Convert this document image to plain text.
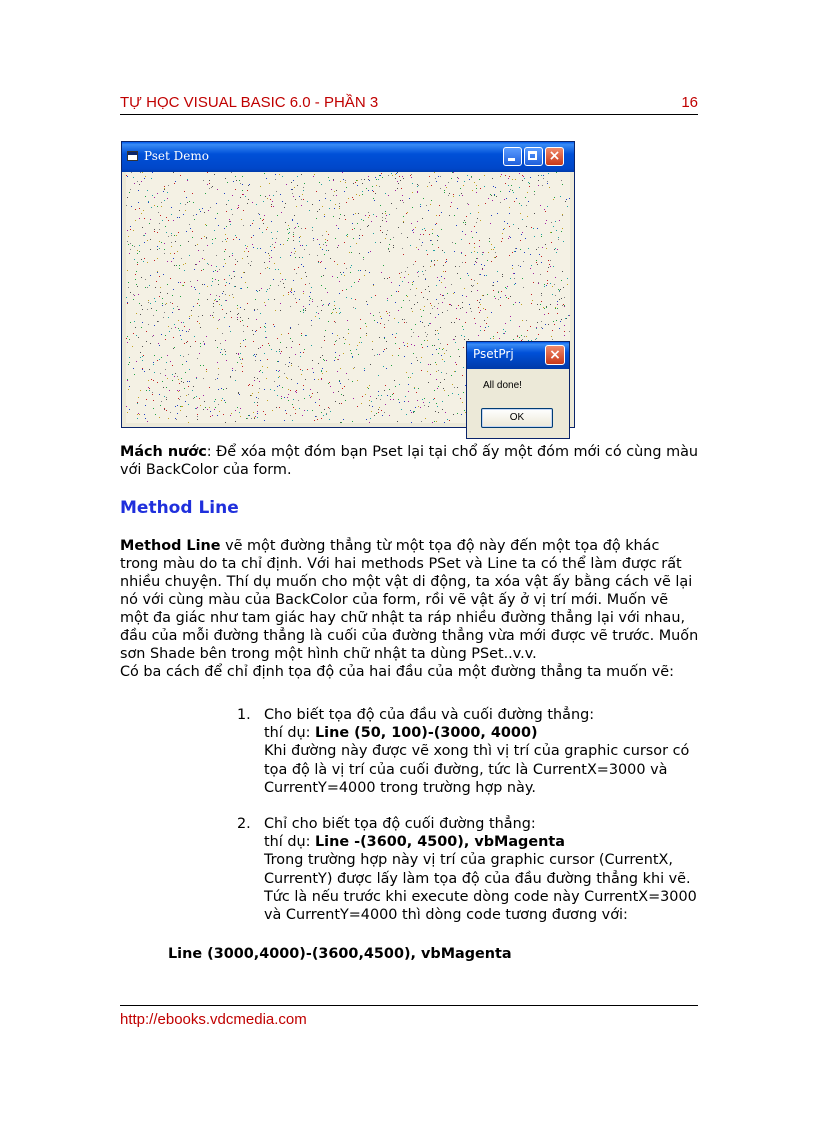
TỰ HỌC VISUAL BASIC 6.0 - PHẦN 3	16
Pset Demo	×
PsetPrj	×
All done!
OK
Mách nước: Để xóa một đóm bạn Pset lại tại chổ ấy một đóm mới có cùng màu với BackColor của form.
Method Line
Method Line vẽ một đường thẳng từ một tọa độ này đến một tọa độ khác trong màu do ta chỉ định. Với hai methods PSet và Line ta có thể làm được rất nhiều chuyện. Thí dụ muốn cho một vật di động, ta xóa vật ấy bằng cách vẽ lại nó với cùng màu của BackColor của form, rồi vẽ vật ấy ở vị trí mới. Muốn vẽ một đa giác như tam giác hay chữ nhật ta ráp nhiều đường thẳng lại với nhau, đầu của mỗi đường thẳng là cuối của đường thẳng vừa mới được vẽ trước. Muốn sơn Shade bên trong một hình chữ nhật ta dùng PSet..v.v.
Có ba cách để chỉ định tọa độ của hai đầu của một đường thẳng ta muốn vẽ:
1. Cho biết tọa độ của đầu và cuối đường thẳng:
thí dụ: Line (50, 100)-(3000, 4000)
Khi đường này được vẽ xong thì vị trí của graphic cursor có tọa độ là vị trí của cuối đường, tức là CurrentX=3000 và CurrentY=4000 trong trường hợp này.
2. Chỉ cho biết tọa độ cuối đường thẳng:
thí dụ: Line -(3600, 4500), vbMagenta
Trong trường hợp này vị trí của graphic cursor (CurrentX, CurrentY) được lấy làm tọa độ của đầu đường thẳng khi vẽ. Tức là nếu trước khi execute dòng code này CurrentX=3000 và CurrentY=4000 thì dòng code tương đương với:
Line (3000,4000)-(3600,4500), vbMagenta
http://ebooks.vdcmedia.com
